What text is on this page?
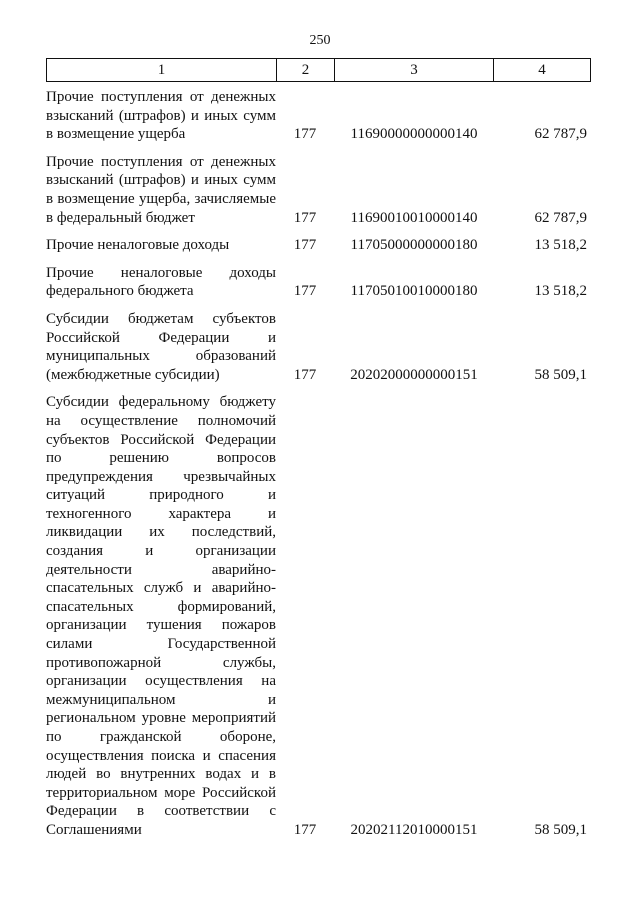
250
1	2	3	4
Прочие поступления от денежных взысканий (штрафов) и иных сумм в возмещение ущерба	177	11690000000000140	62 787,9
Прочие поступления от денежных взысканий (штрафов) и иных сумм в возмещение ущерба, зачисляемые в федеральный бюджет	177	11690010010000140	62 787,9
Прочие неналоговые доходы	177	11705000000000180	13 518,2
Прочие неналоговые доходы федерального бюджета	177	11705010010000180	13 518,2
Субсидии бюджетам субъектов Российской Федерации и муниципальных образований (межбюджетные субсидии)	177	20202000000000151	58 509,1
Субсидии федеральному бюджету на осуществление полномочий субъектов Российской Федерации по решению вопросов предупреждения чрезвычайных ситуаций природного и техногенного характера и ликвидации их последствий, создания и организации деятельности аварийно-спасательных служб и аварийно-спасательных формирований, организации тушения пожаров силами Государственной противопожарной службы, организации осуществления на межмуниципальном и региональном уровне мероприятий по гражданской обороне, осуществления поиска и спасения людей во внутренних водах и в территориальном море Российской Федерации в соответствии с Соглашениями	177	20202112010000151	58 509,1
